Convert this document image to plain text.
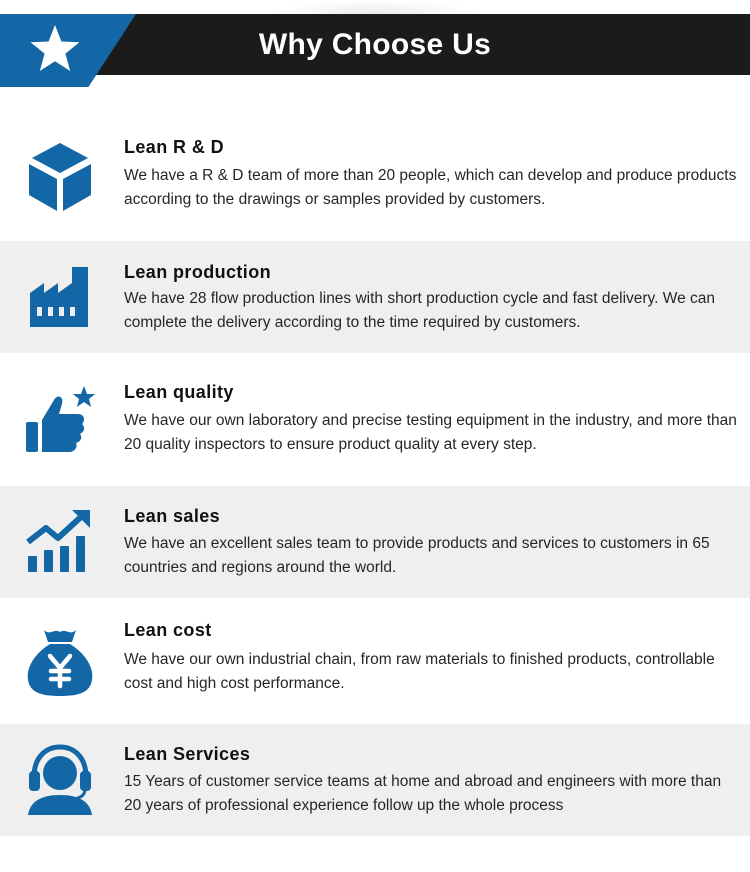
Why Choose Us
Lean R & D
We have a R & D team of more than 20 people, which can develop and produce products according to the drawings or samples provided by customers.
Lean production
We have 28 flow production lines with short production cycle and fast delivery. We can complete the delivery according to the time required by customers.
Lean quality
We have our own laboratory and precise testing equipment in the industry, and more than 20 quality inspectors to ensure product quality at every step.
Lean sales
We have an excellent sales team to provide products and services to customers in 65 countries and regions around the world.
Lean cost
We have our own industrial chain, from raw materials to finished products, controllable cost and high cost performance.
Lean Services
15 Years of customer service teams at home and abroad and engineers with more than 20 years of professional experience follow up the whole process
